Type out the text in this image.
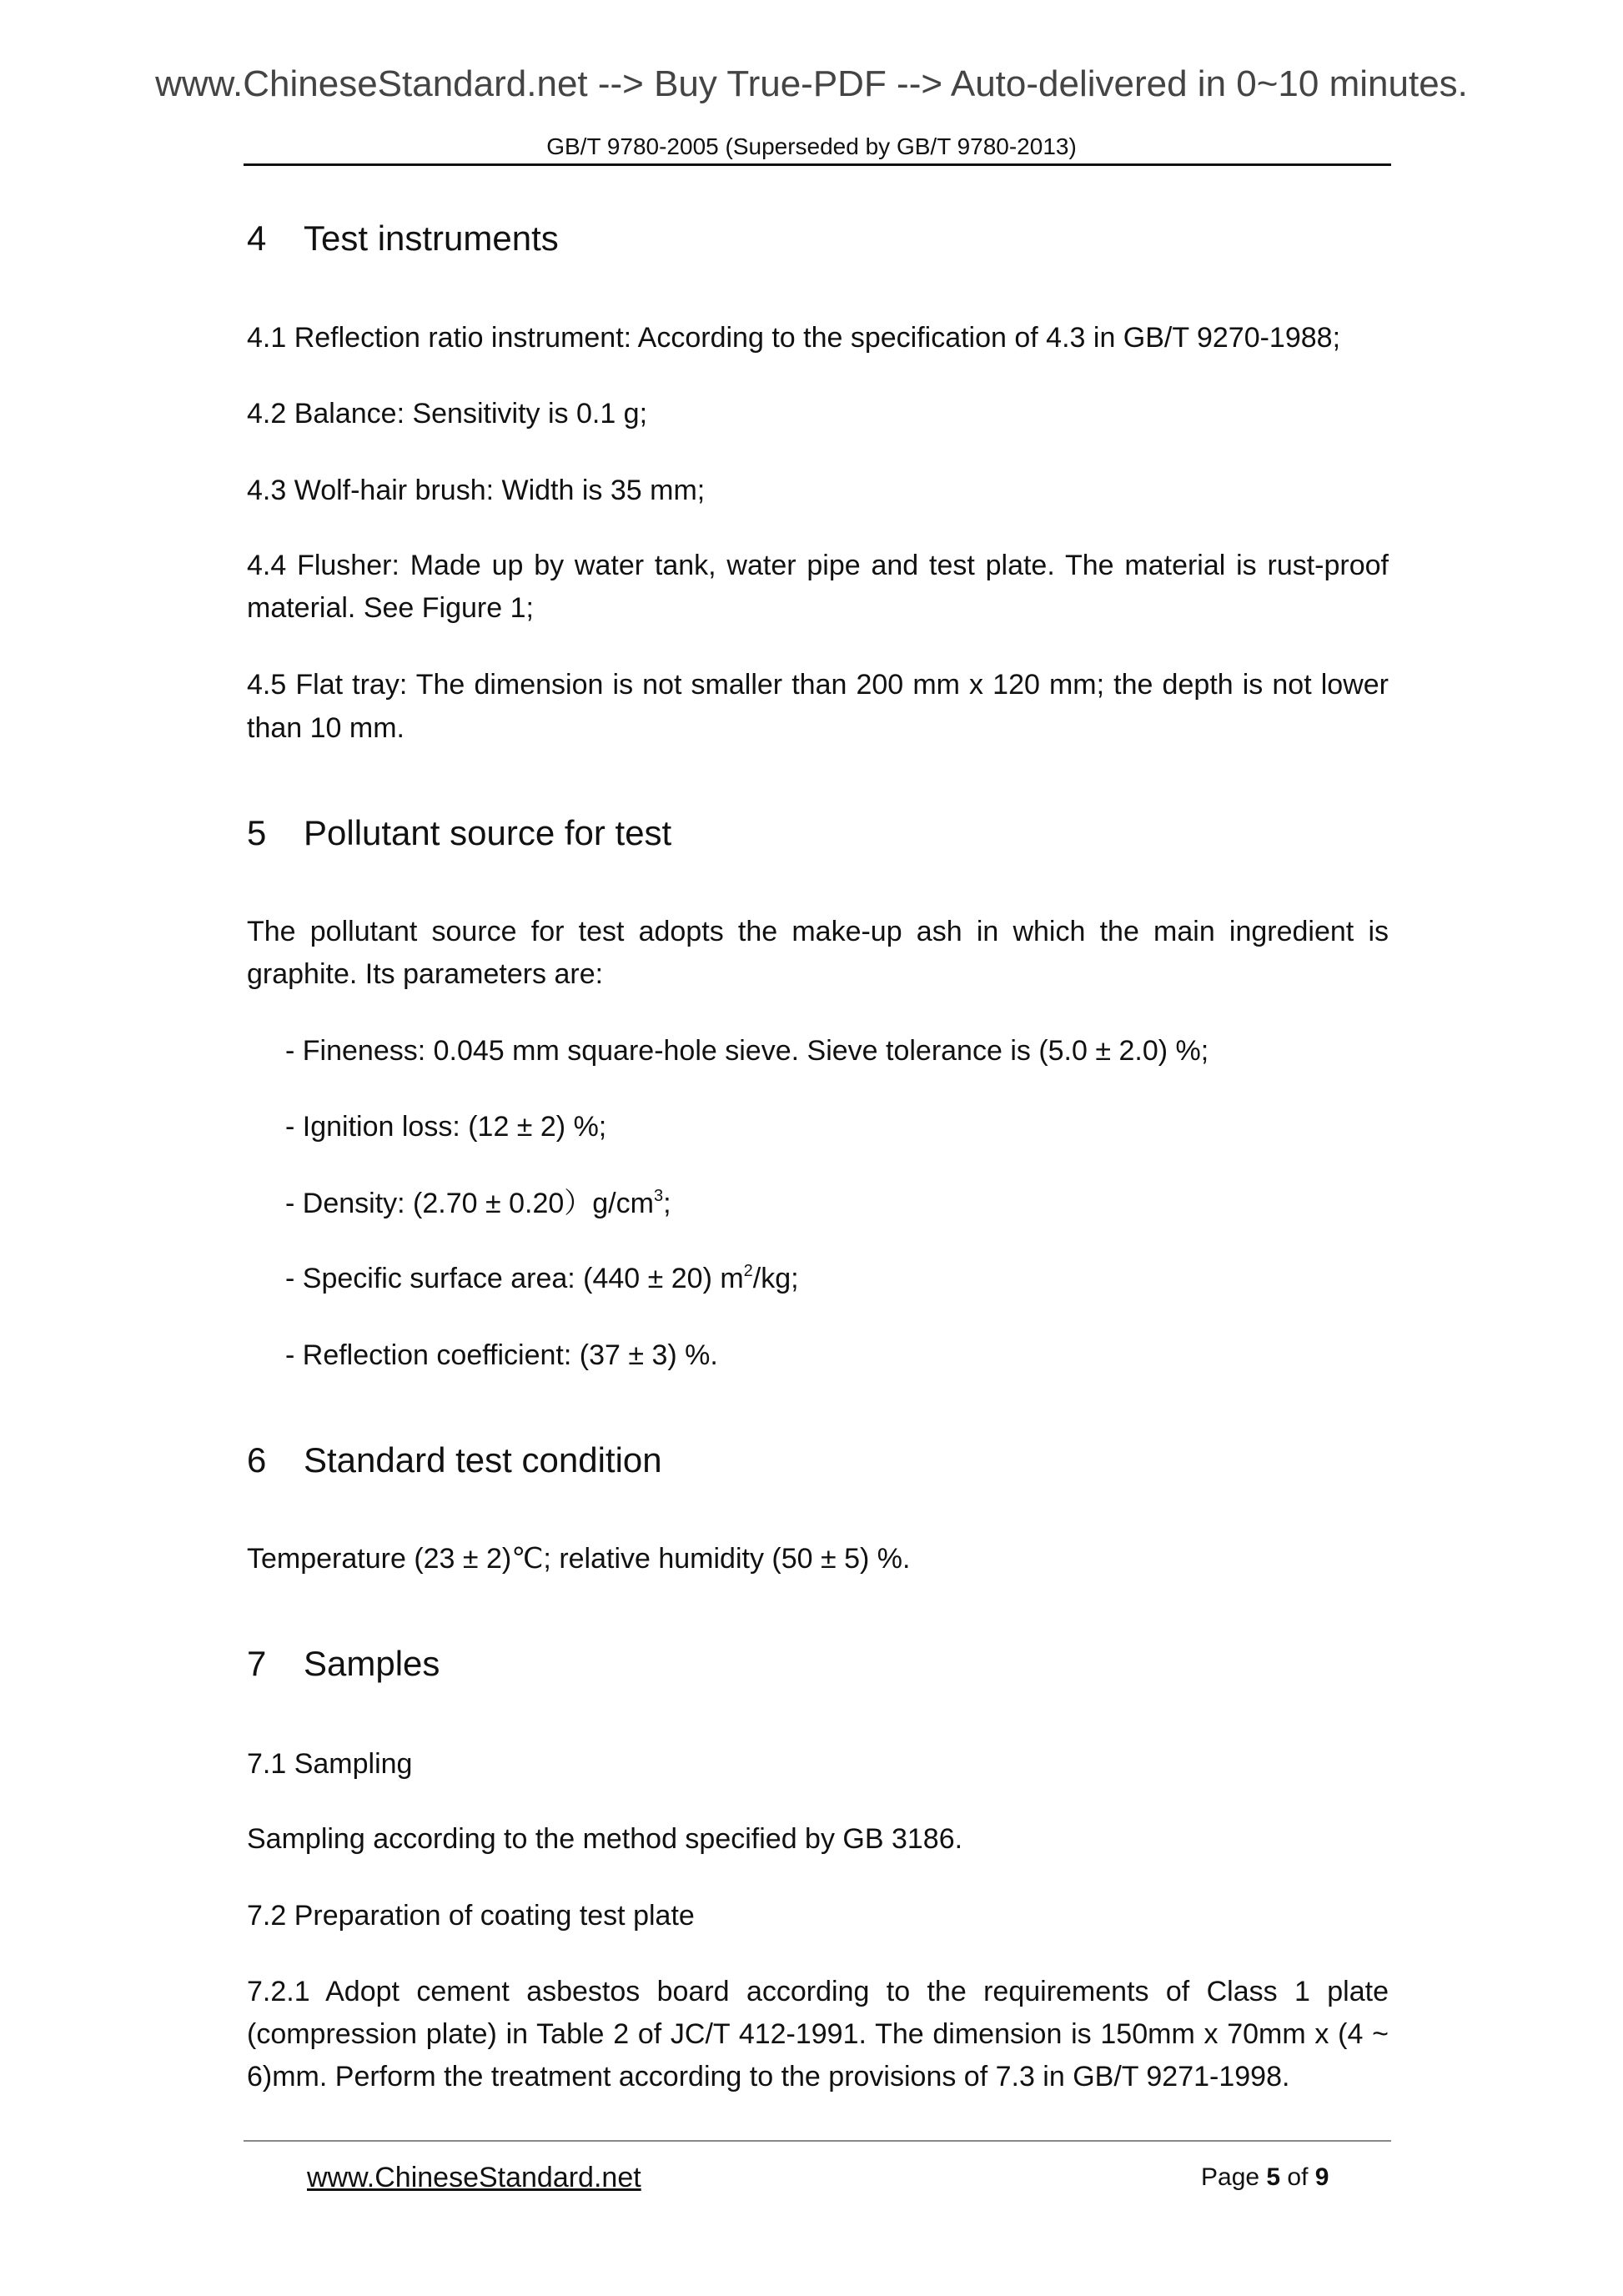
www.ChineseStandard.net --> Buy True-PDF --> Auto-delivered in 0~10 minutes.
GB/T 9780-2005 (Superseded by GB/T 9780-2013)
4 Test instruments
4.1 Reflection ratio instrument: According to the specification of 4.3 in GB/T 9270-1988;
4.2 Balance: Sensitivity is 0.1 g;
4.3 Wolf-hair brush: Width is 35 mm;
4.4 Flusher: Made up by water tank, water pipe and test plate. The material is rust-proof
material. See Figure 1;
4.5 Flat tray: The dimension is not smaller than 200 mm x 120 mm; the depth is not lower
than 10 mm.
5 Pollutant source for test
The pollutant source for test adopts the make-up ash in which the main ingredient is
graphite. Its parameters are:
- Fineness: 0.045 mm square-hole sieve. Sieve tolerance is (5.0 ± 2.0) %;
- Ignition loss: (12 ± 2) %;
- Density: $(2.70 \pm 0.20)g/cm^3$;
- Specific surface area: (440 ± 20) $m^2/kg$;
- Reflection coefficient: (37 ± 3) %.
6 Standard test condition
Temperature (23 ± 2)℃; relative humidity (50 ± 5) %.
7 Samples
7.1 Sampling
Sampling according to the method specified by GB 3186.
7.2 Preparation of coating test plate
7.2.1 Adopt cement asbestos board according to the requirements of Class 1 plate
(compression plate) in Table 2 of JC/T 412-1991. The dimension is 150mm x 70mm x (4 ~
6)mm. Perform the treatment according to the provisions of 7.3 in GB/T 9271-1998.
www.ChineseStandard.net	Page 5 of 9
